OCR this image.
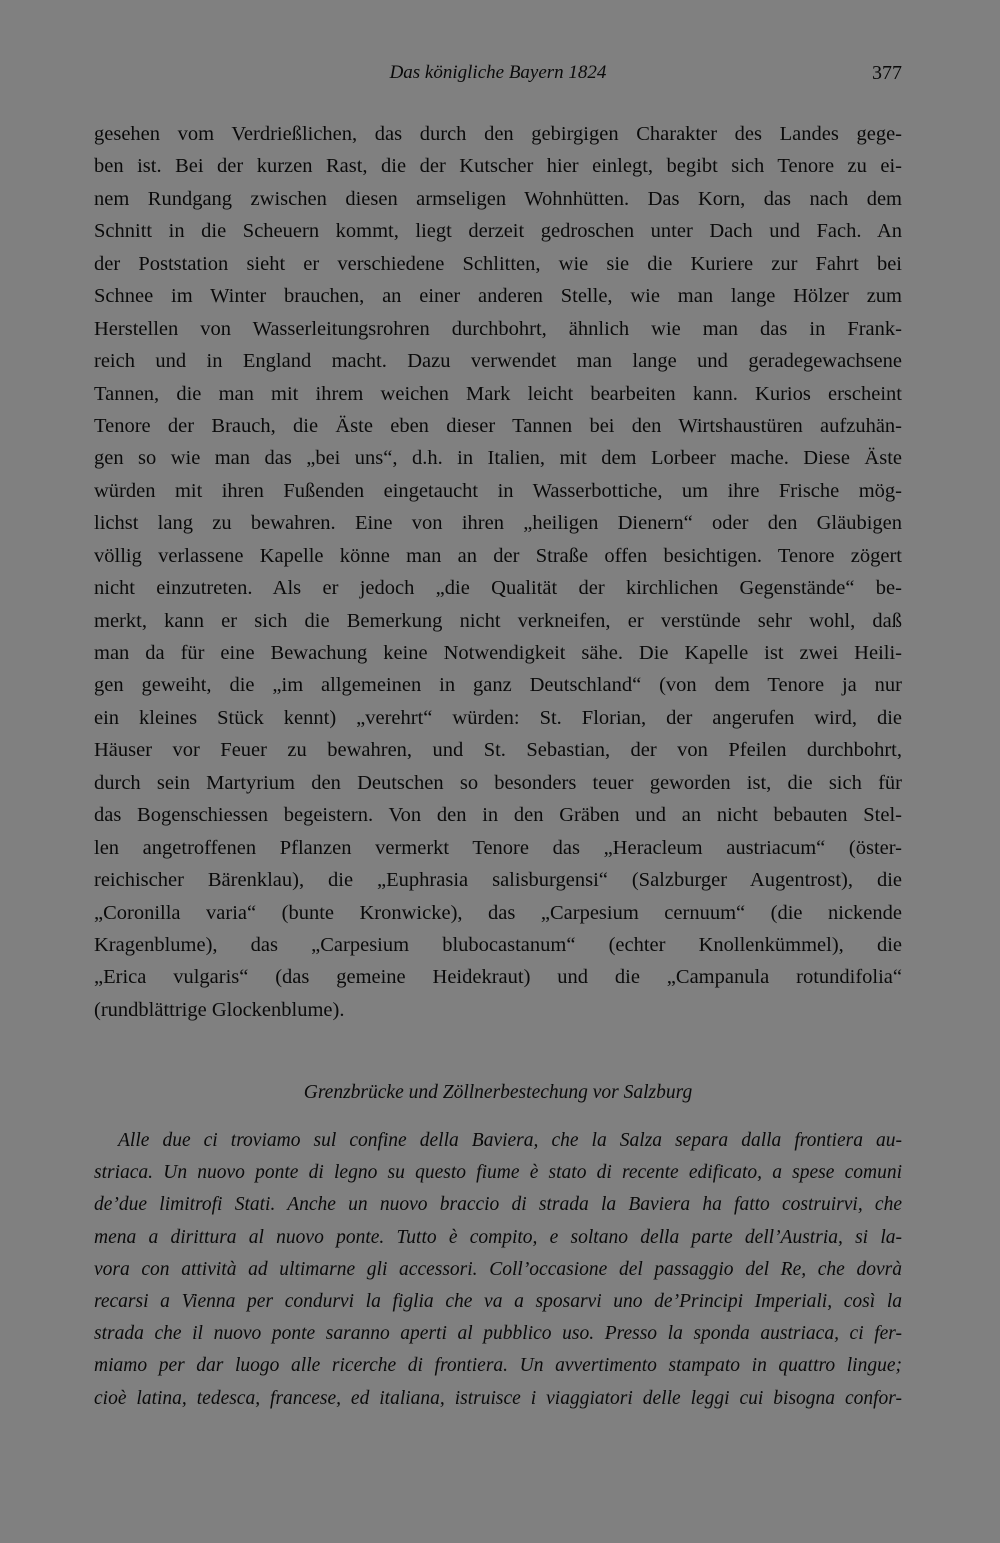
Das königliche Bayern 1824	377
gesehen vom Verdrießlichen, das durch den gebirgigen Charakter des Landes gege-
ben ist. Bei der kurzen Rast, die der Kutscher hier einlegt, begibt sich Tenore zu ei-
nem Rundgang zwischen diesen armseligen Wohnhütten. Das Korn, das nach dem
Schnitt in die Scheuern kommt, liegt derzeit gedroschen unter Dach und Fach. An
der Poststation sieht er verschiedene Schlitten, wie sie die Kuriere zur Fahrt bei
Schnee im Winter brauchen, an einer anderen Stelle, wie man lange Hölzer zum
Herstellen von Wasserleitungsrohren durchbohrt, ähnlich wie man das in Frank-
reich und in England macht. Dazu verwendet man lange und geradegewachsene
Tannen, die man mit ihrem weichen Mark leicht bearbeiten kann. Kurios erscheint
Tenore der Brauch, die Äste eben dieser Tannen bei den Wirtshaustüren aufzuhän-
gen so wie man das „bei uns“, d.h. in Italien, mit dem Lorbeer mache. Diese Äste
würden mit ihren Fußenden eingetaucht in Wasserbottiche, um ihre Frische mög-
lichst lang zu bewahren. Eine von ihren „heiligen Dienern“ oder den Gläubigen
völlig verlassene Kapelle könne man an der Straße offen besichtigen. Tenore zögert
nicht einzutreten. Als er jedoch „die Qualität der kirchlichen Gegenstände“ be-
merkt, kann er sich die Bemerkung nicht verkneifen, er verstünde sehr wohl, daß
man da für eine Bewachung keine Notwendigkeit sähe. Die Kapelle ist zwei Heili-
gen geweiht, die „im allgemeinen in ganz Deutschland“ (von dem Tenore ja nur
ein kleines Stück kennt) „verehrt“ würden: St. Florian, der angerufen wird, die
Häuser vor Feuer zu bewahren, und St. Sebastian, der von Pfeilen durchbohrt,
durch sein Martyrium den Deutschen so besonders teuer geworden ist, die sich für
das Bogenschiessen begeistern. Von den in den Gräben und an nicht bebauten Stel-
len angetroffenen Pflanzen vermerkt Tenore das „Heracleum austriacum“ (öster-
reichischer Bärenklau), die „Euphrasia salisburgensi“ (Salzburger Augentrost), die
„Coronilla varia“ (bunte Kronwicke), das „Carpesium cernuum“ (die nickende
Kragenblume), das „Carpesium blubocastanum“ (echter Knollenkümmel), die
„Erica vulgaris“ (das gemeine Heidekraut) und die „Campanula rotundifolia“
(rundblättrige Glockenblume).
Grenzbrücke und Zöllnerbestechung vor Salzburg
Alle due ci troviamo sul confine della Baviera, che la Salza separa dalla frontiera au-
striaca. Un nuovo ponte di legno su questo fiume è stato di recente edificato, a spese comuni
de’due limitrofi Stati. Anche un nuovo braccio di strada la Baviera ha fatto costruirvi, che
mena a dirittura al nuovo ponte. Tutto è compito, e soltano della parte dell’Austria, si la-
vora con attività ad ultimarne gli accessori. Coll’occasione del passaggio del Re, che dovrà
recarsi a Vienna per condurvi la figlia che va a sposarvi uno de’Principi Imperiali, così la
strada che il nuovo ponte saranno aperti al pubblico uso. Presso la sponda austriaca, ci fer-
miamo per dar luogo alle ricerche di frontiera. Un avvertimento stampato in quattro lingue;
cioè latina, tedesca, francese, ed italiana, istruisce i viaggiatori delle leggi cui bisogna confor-
